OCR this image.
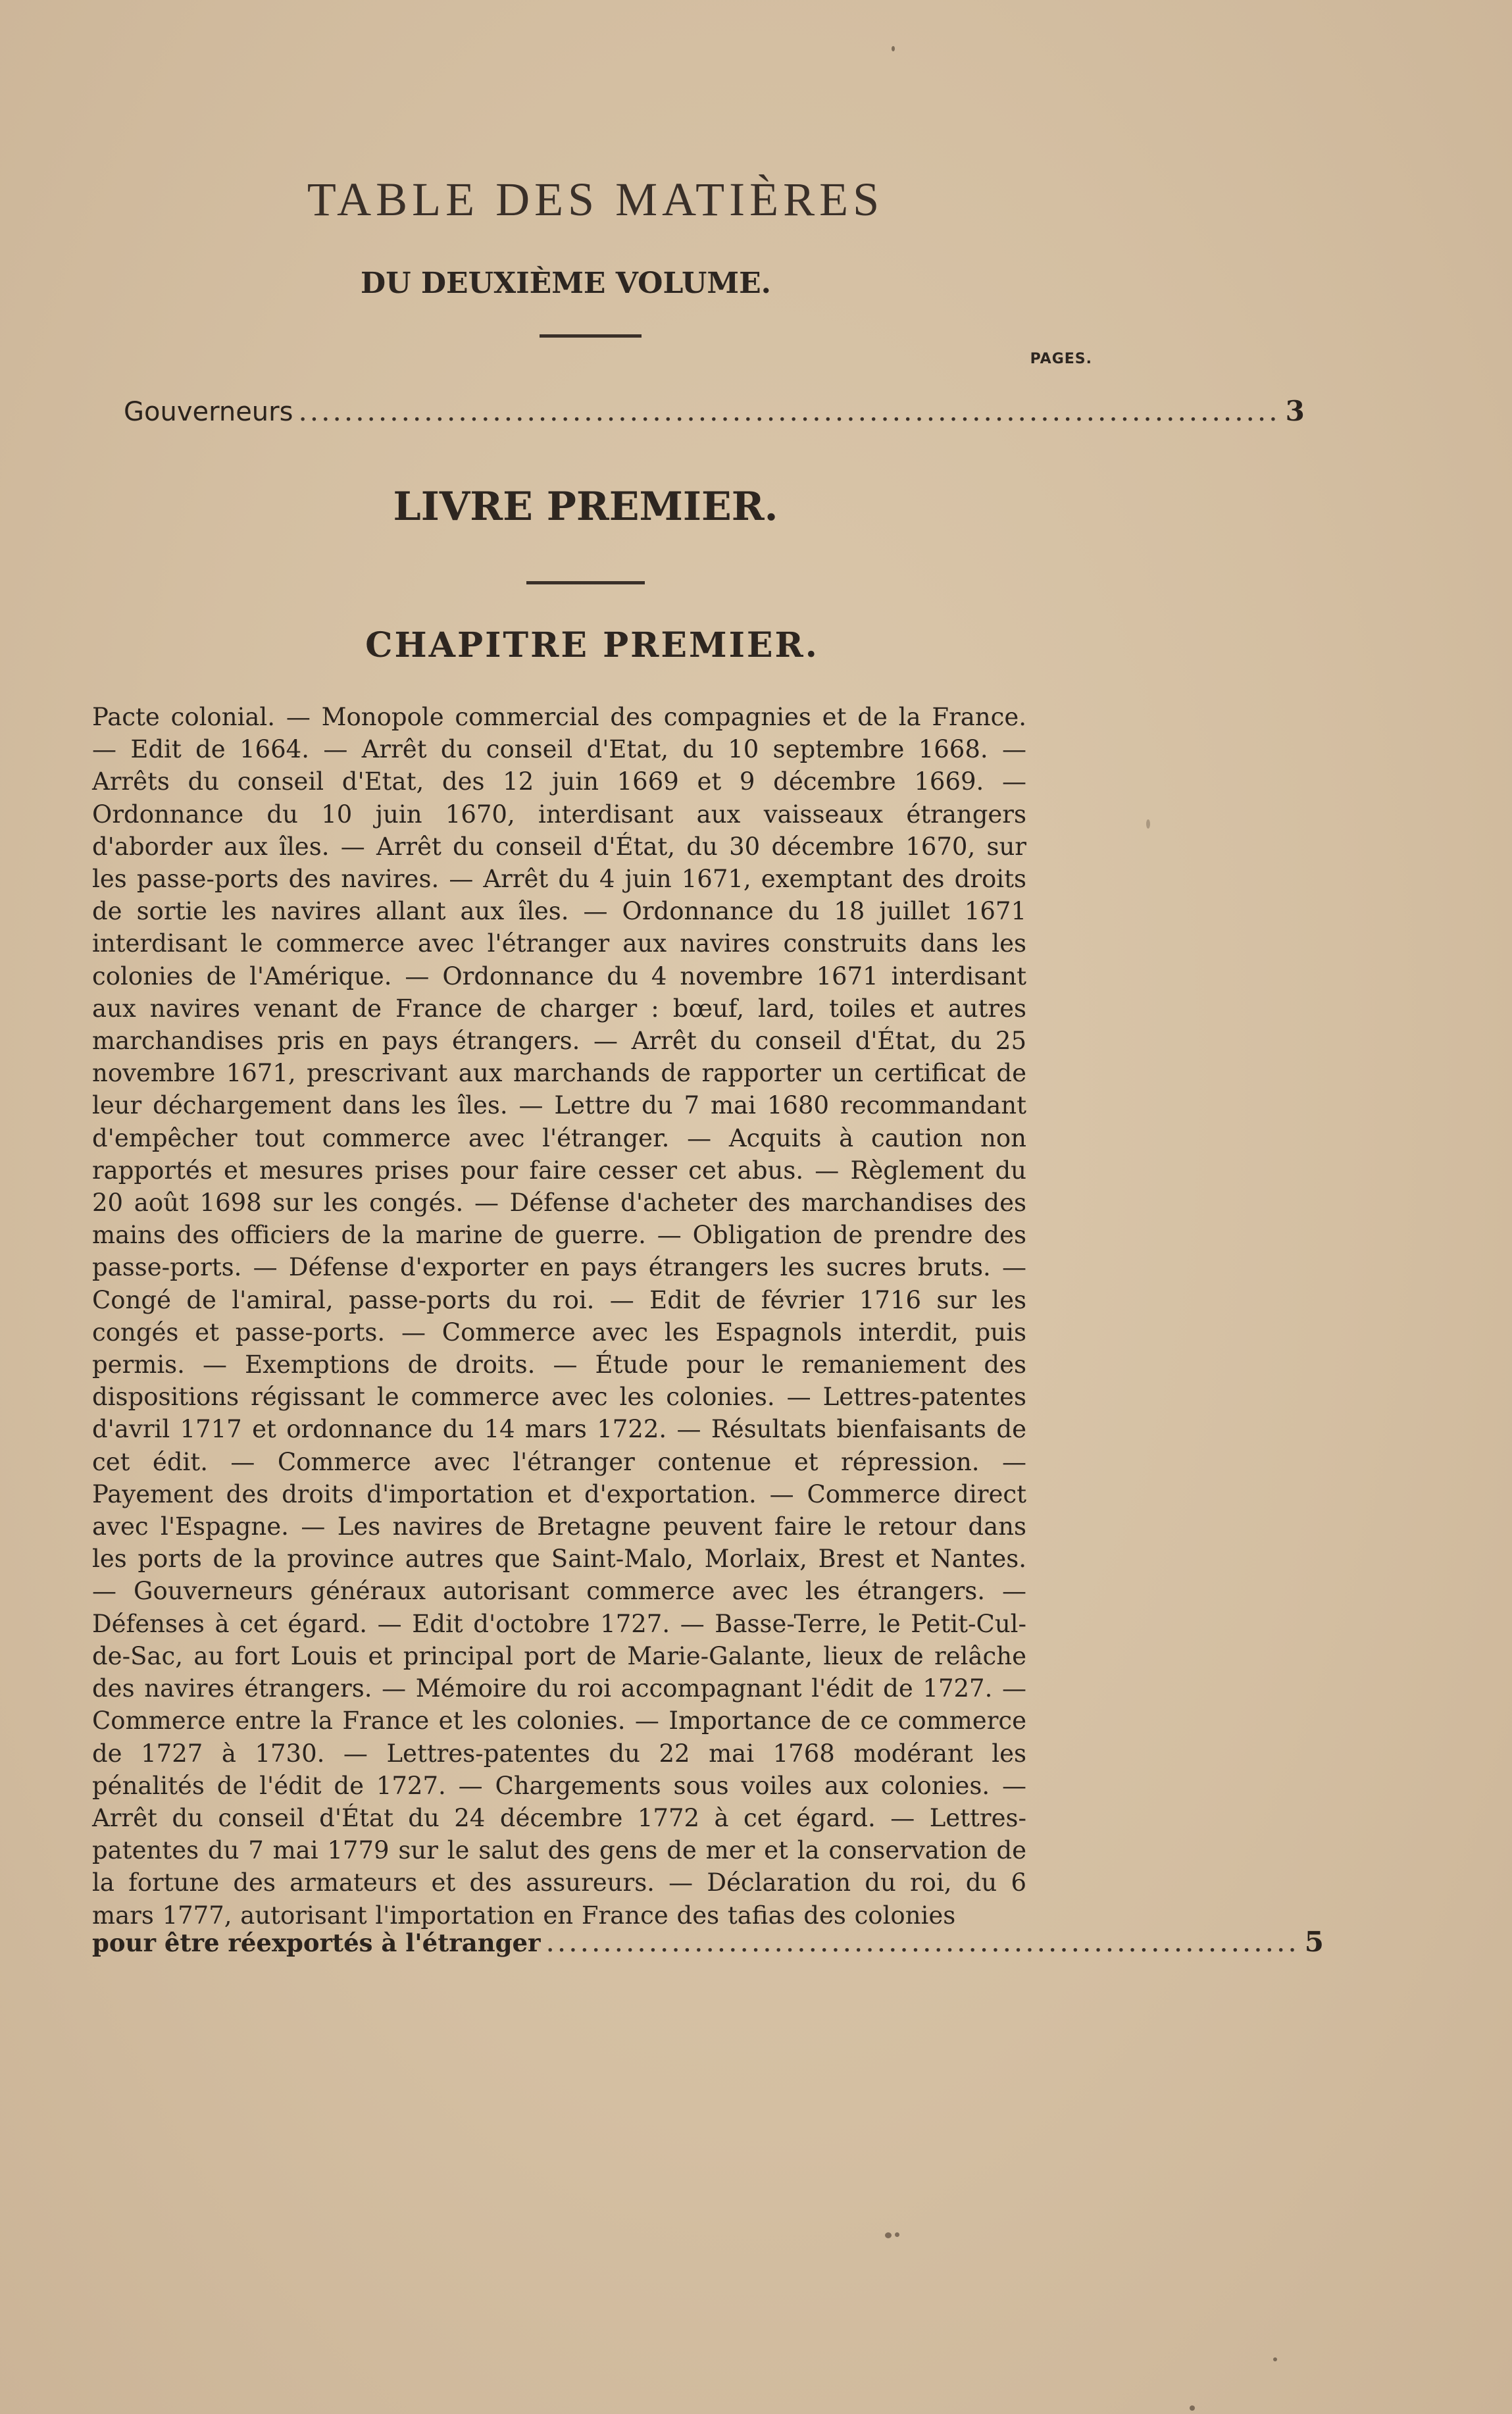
TABLE DES MATIÈRES
DU DEUXIÈME VOLUME.
PAGES.
Gouverneurs ...................................................................................... 3
LIVRE PREMIER.
CHAPITRE PREMIER.
Pacte colonial. — Monopole commercial des compagnies et de la France. — Edit de 1664. — Arrêt du conseil d'Etat, du 10 septembre 1668. — Arrêts du conseil d'Etat, des 12 juin 1669 et 9 décembre 1669. — Ordonnance du 10 juin 1670, interdisant aux vaisseaux étrangers d'aborder aux îles. — Arrêt du conseil d'État, du 30 décembre 1670, sur les passe-ports des navires. — Arrêt du 4 juin 1671, exemptant des droits de sortie les navires allant aux îles. — Ordonnance du 18 juillet 1671 interdisant le commerce avec l'étranger aux navires construits dans les colonies de l'Amérique. — Ordonnance du 4 novembre 1671 interdisant aux navires venant de France de charger : bœuf, lard, toiles et autres marchandises pris en pays étrangers. — Arrêt du conseil d'État, du 25 novembre 1671, prescrivant aux marchands de rapporter un certificat de leur déchargement dans les îles. — Lettre du 7 mai 1680 recommandant d'empêcher tout commerce avec l'étranger. — Acquits à caution non rapportés et mesures prises pour faire cesser cet abus. — Règlement du 20 août 1698 sur les congés. — Défense d'acheter des marchandises des mains des officiers de la marine de guerre. — Obligation de prendre des passe-ports. — Défense d'exporter en pays étrangers les sucres bruts. — Congé de l'amiral, passe-ports du roi. — Edit de février 1716 sur les congés et passe-ports. — Commerce avec les Espagnols interdit, puis permis. — Exemptions de droits. — Étude pour le remaniement des dispositions régissant le commerce avec les colonies. — Lettres-patentes d'avril 1717 et ordonnance du 14 mars 1722. — Résultats bienfaisants de cet édit. — Commerce avec l'étranger contenue et répression. — Payement des droits d'importation et d'exportation. — Commerce direct avec l'Espagne. — Les navires de Bretagne peuvent faire le retour dans les ports de la province autres que Saint-Malo, Morlaix, Brest et Nantes. — Gouverneurs généraux autorisant commerce avec les étrangers. — Défenses à cet égard. — Edit d'octobre 1727. — Basse-Terre, le Petit-Cul-de-Sac, au fort Louis et principal port de Marie-Galante, lieux de relâche des navires étrangers. — Mémoire du roi accompagnant l'édit de 1727. — Commerce entre la France et les colonies. — Importance de ce commerce de 1727 à 1730. — Lettres-patentes du 22 mai 1768 modérant les pénalités de l'édit de 1727. — Chargements sous voiles aux colonies. — Arrêt du conseil d'État du 24 décembre 1772 à cet égard. — Lettres-patentes du 7 mai 1779 sur le salut des gens de mer et la conservation de la fortune des armateurs et des assureurs. — Déclaration du roi, du 6 mars 1777, autorisant l'importation en France des tafias des colonies
pour être réexportés à l'étranger .................................................................. 5
